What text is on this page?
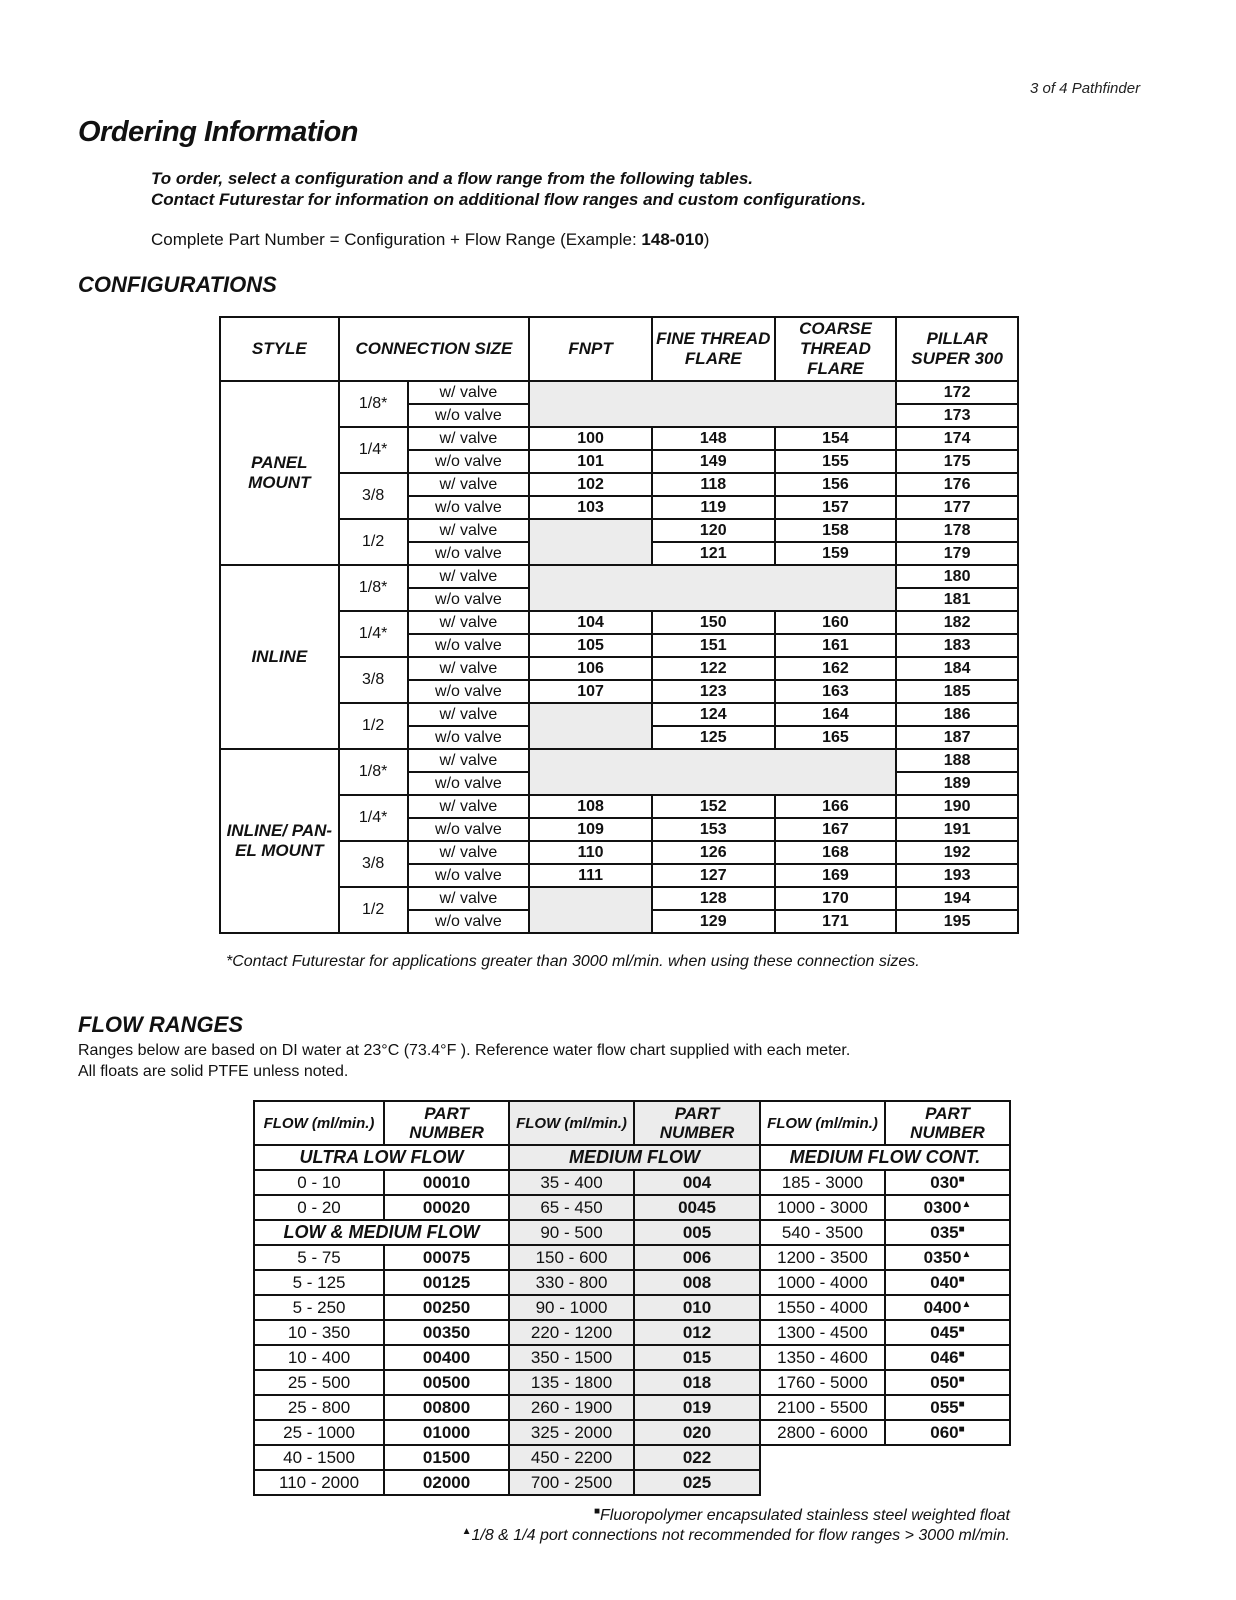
3 of 4 Pathfinder
Ordering Information
To order, select a configuration and a flow range from the following tables.
Contact Futurestar for information on additional flow ranges and custom configurations.
Complete Part Number = Configuration + Flow Range (Example: 148-010)
CONFIGURATIONS
STYLE	CONNECTION SIZE		FNPT	FINE THREAD FLARE	COARSE THREAD FLARE	PILLAR SUPER 300
PANEL MOUNT	1/8*	w/ valve				172
		w/o valve				173
	1/4*	w/ valve	100	148	154	174
		w/o valve	101	149	155	175
	3/8	w/ valve	102	118	156	176
		w/o valve	103	119	157	177
	1/2	w/ valve		120	158	178
		w/o valve		121	159	179
INLINE	1/8*	w/ valve				180
		w/o valve				181
	1/4*	w/ valve	104	150	160	182
		w/o valve	105	151	161	183
	3/8	w/ valve	106	122	162	184
		w/o valve	107	123	163	185
	1/2	w/ valve		124	164	186
		w/o valve		125	165	187
INLINE/ PAN- EL MOUNT	1/8*	w/ valve				188
		w/o valve				189
	1/4*	w/ valve	108	152	166	190
		w/o valve	109	153	167	191
	3/8	w/ valve	110	126	168	192
		w/o valve	111	127	169	193
	1/2	w/ valve		128	170	194
		w/o valve		129	171	195
*Contact Futurestar for applications greater than 3000 ml/min. when using these connection sizes.
FLOW RANGES
Ranges below are based on DI water at 23°C (73.4°F ). Reference water flow chart supplied with each meter.
All floats are solid PTFE unless noted.
FLOW (ml/min.)	PART NUMBER	FLOW (ml/min.)	PART NUMBER	FLOW (ml/min.)	PART NUMBER
ULTRA LOW FLOW		MEDIUM FLOW		MEDIUM FLOW CONT.	
0 - 10	00010	35 - 400	004	185 - 3000	030■
0 - 20	00020	65 - 450	0045	1000 - 3000	0300▲
LOW & MEDIUM FLOW		90 - 500	005	540 - 3500	035■
5 - 75	00075	150 - 600	006	1200 - 3500	0350▲
5 - 125	00125	330 - 800	008	1000 - 4000	040■
5 - 250	00250	90 - 1000	010	1550 - 4000	0400▲
10 - 350	00350	220 - 1200	012	1300 - 4500	045■
10 - 400	00400	350 - 1500	015	1350 - 4600	046■
25 - 500	00500	135 - 1800	018	1760 - 5000	050■
25 - 800	00800	260 - 1900	019	2100 - 5500	055■
25 - 1000	01000	325 - 2000	020	2800 - 6000	060■
40 - 1500	01500	450 - 2200	022		
110 - 2000	02000	700 - 2500	025		
■Fluoropolymer encapsulated stainless steel weighted float
▲1/8 & 1/4 port connections not recommended for flow ranges > 3000 ml/min.
